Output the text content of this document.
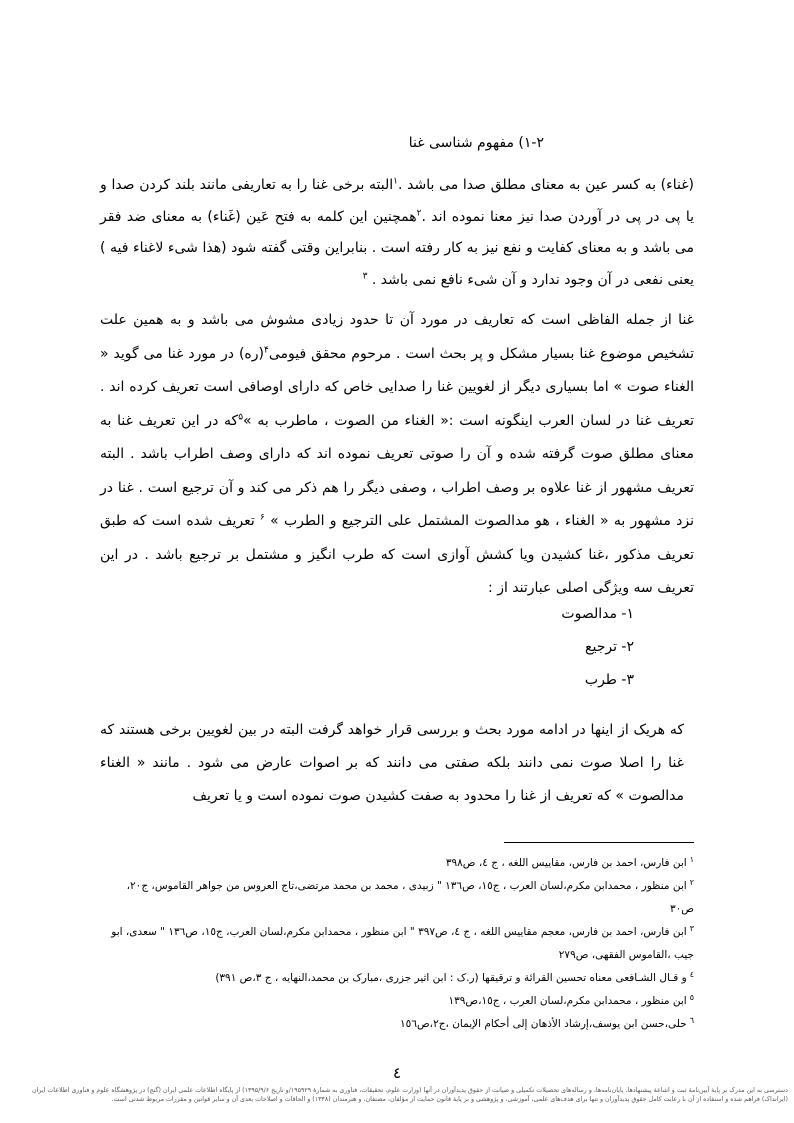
۱-۲) مفهوم شناسی غنا

(غناء) به کسر عین به معنای مطلق صدا می باشد .$^۱$البته برخی غنا را به تعاریفی مانند بلند کردن صدا و یا پی در پی در آوردن صدا نیز معنا نموده اند .$^۲$همچنین این کلمه به فتح عَین (غَناء) به معنای ضد فقر می باشد و به معنای کفایت و نفع نیز به کار رفته است . بنابراین وقتی گفته شود (هذا شیء لاغناء فیه ) یعنی نفعی در آن وجود ندارد و آن شیء نافع نمی باشد . $^۳$

غنا از جمله الفاظی است که تعاریف در مورد آن تا حدود زیادی مشوش می باشد و به همین علت تشخیص موضوع غنا بسیار مشکل و پر بحث است . مرحوم محقق فیومی$^۴$(ره) در مورد غنا می گوید « الغناء صوت » اما بسیاری دیگر از لغویین غنا را صدایی خاص که دارای اوصافی است تعریف کرده اند . تعریف غنا در لسان العرب اینگونه است :« الغناء من الصوت ، ماطرب به »$^۵$که در این تعریف غنا به معنای مطلق صوت گرفته شده و آن را صوتی تعریف نموده اند که دارای وصف اطراب باشد . البته تعریف مشهور از غنا علاوه بر وصف اطراب ، وصفی دیگر را هم ذکر می کند و آن ترجیع است . غنا در نزد مشهور به « الغناء ، هو مدالصوت المشتمل علی الترجیع و الطرب » $^۶$ تعریف شده است که طبق تعریف مذکور ،غنا کشیدن ویا کشش آوازی است که طرب انگیز و مشتمل بر ترجیع باشد . در این تعریف سه ویژگی اصلی عبارتند از :

۱- مدالصوت
۲- ترجیع
۳- طرب

که هریک از اینها در ادامه مورد بحث و بررسی قرار خواهد گرفت البته در بین لغویین برخی هستند که غنا را اصلا صوت نمی دانند بلکه صفتی می دانند که بر اصوات عارض می شود . مانند « الغناء مدالصوت » که تعریف از غنا را محدود به صفت کشیدن صوت نموده است و یا تعریف

$^۱$ابن فارس، احمد بن فارس، مقاییس اللغه ، ج ٤، ص٣٩٨

$^۲$ابن منظور ، محمدابن مکرم،لسان العرب ، ج١٥، ص١٣٦ " زبیدی ، محمد بن محمد مرتضی،تاج العروس من جواهر القاموس، ج٢٠، ص٣٠

$^۳$ابن فارس، احمد بن فارس، معجم مقاییس اللغه ، ج ٤، ص٣٩٧ " ابن منظور ، محمدابن مکرم،لسان العرب، ج١٥، ص١٣٦ " سعدی، ابو جیب ،القاموس الفقهی، ص٢٧٩

$^٤$و قـال الشـافعی معناه تحسین القرائة و ترقیقها (ر.ک : ابن اثیر جزری ،مبارک بن محمد،النهایه ، ج ٣،ص ٣٩١)

$^٥$ابن منظور ، محمدابن مکرم،لسان العرب ، ج١٥،ص١٣٩

$^٦$حلی،حسن ابن یوسف،إرشاد الأذهان إلی أحکام الإیمان ،ج٢،ص١٥٦

٤
دسترسی به این مدرک بر پایهٔ آیین‌نامهٔ ثبت و اشاعهٔ پیشنهادها، پایان‌نامه‌ها، و رساله‌های تحصیلات تکمیلی و صیانت از حقوق پدیدآوران در آنها (وزارت علوم، تحقیقات، فناوری به شمارهٔ ۱۹۵۹۲۹/و تاریخ ۱۳۹۵/۹/۶) از پایگاه اطلاعات علمی ایران (گنج) در پژوهشگاه علوم و فناوری اطلاعات ایران (ایرانداک) فراهم شده و استفاده از آن با رعایت کامل حقوق پدیدآوران و تنها برای هدف‌های علمی، آموزشی، و پژوهشی و بر پایهٔ قانون حمایت از مؤلفان، مصنفان، و هنرمندان (۱۳۴۸) و الحاقات و اصلاحات بعدی آن و سایر قوانین و مقررات مربوط شدنی است.
